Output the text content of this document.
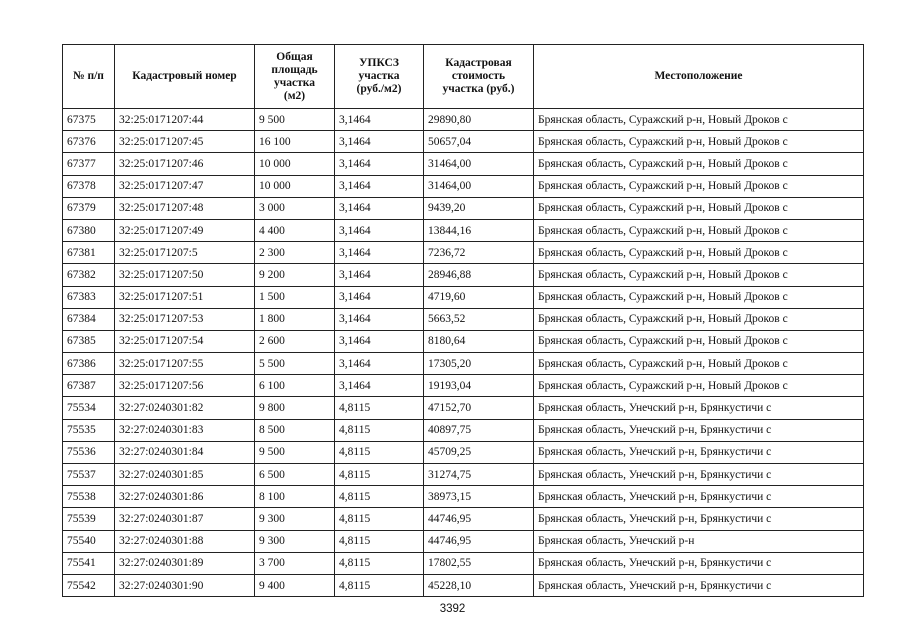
№ п/п	Кадастровый номер	Общая
площадь
участка
(м2)	УПКСЗ
участка
(руб./м2)	Кадастровая
стоимость
участка (руб.)	Местоположение
67375	32:25:0171207:44	9 500	3,1464	29890,80	Брянская область, Суражский р-н, Новый Дроков с
67376	32:25:0171207:45	16 100	3,1464	50657,04	Брянская область, Суражский р-н, Новый Дроков с
67377	32:25:0171207:46	10 000	3,1464	31464,00	Брянская область, Суражский р-н, Новый Дроков с
67378	32:25:0171207:47	10 000	3,1464	31464,00	Брянская область, Суражский р-н, Новый Дроков с
67379	32:25:0171207:48	3 000	3,1464	9439,20	Брянская область, Суражский р-н, Новый Дроков с
67380	32:25:0171207:49	4 400	3,1464	13844,16	Брянская область, Суражский р-н, Новый Дроков с
67381	32:25:0171207:5	2 300	3,1464	7236,72	Брянская область, Суражский р-н, Новый Дроков с
67382	32:25:0171207:50	9 200	3,1464	28946,88	Брянская область, Суражский р-н, Новый Дроков с
67383	32:25:0171207:51	1 500	3,1464	4719,60	Брянская область, Суражский р-н, Новый Дроков с
67384	32:25:0171207:53	1 800	3,1464	5663,52	Брянская область, Суражский р-н, Новый Дроков с
67385	32:25:0171207:54	2 600	3,1464	8180,64	Брянская область, Суражский р-н, Новый Дроков с
67386	32:25:0171207:55	5 500	3,1464	17305,20	Брянская область, Суражский р-н, Новый Дроков с
67387	32:25:0171207:56	6 100	3,1464	19193,04	Брянская область, Суражский р-н, Новый Дроков с
75534	32:27:0240301:82	9 800	4,8115	47152,70	Брянская область, Унечский р-н, Брянкустичи с
75535	32:27:0240301:83	8 500	4,8115	40897,75	Брянская область, Унечский р-н, Брянкустичи с
75536	32:27:0240301:84	9 500	4,8115	45709,25	Брянская область, Унечский р-н, Брянкустичи с
75537	32:27:0240301:85	6 500	4,8115	31274,75	Брянская область, Унечский р-н, Брянкустичи с
75538	32:27:0240301:86	8 100	4,8115	38973,15	Брянская область, Унечский р-н, Брянкустичи с
75539	32:27:0240301:87	9 300	4,8115	44746,95	Брянская область, Унечский р-н, Брянкустичи с
75540	32:27:0240301:88	9 300	4,8115	44746,95	Брянская область, Унечский р-н
75541	32:27:0240301:89	3 700	4,8115	17802,55	Брянская область, Унечский р-н, Брянкустичи с
75542	32:27:0240301:90	9 400	4,8115	45228,10	Брянская область, Унечский р-н, Брянкустичи с
3392
